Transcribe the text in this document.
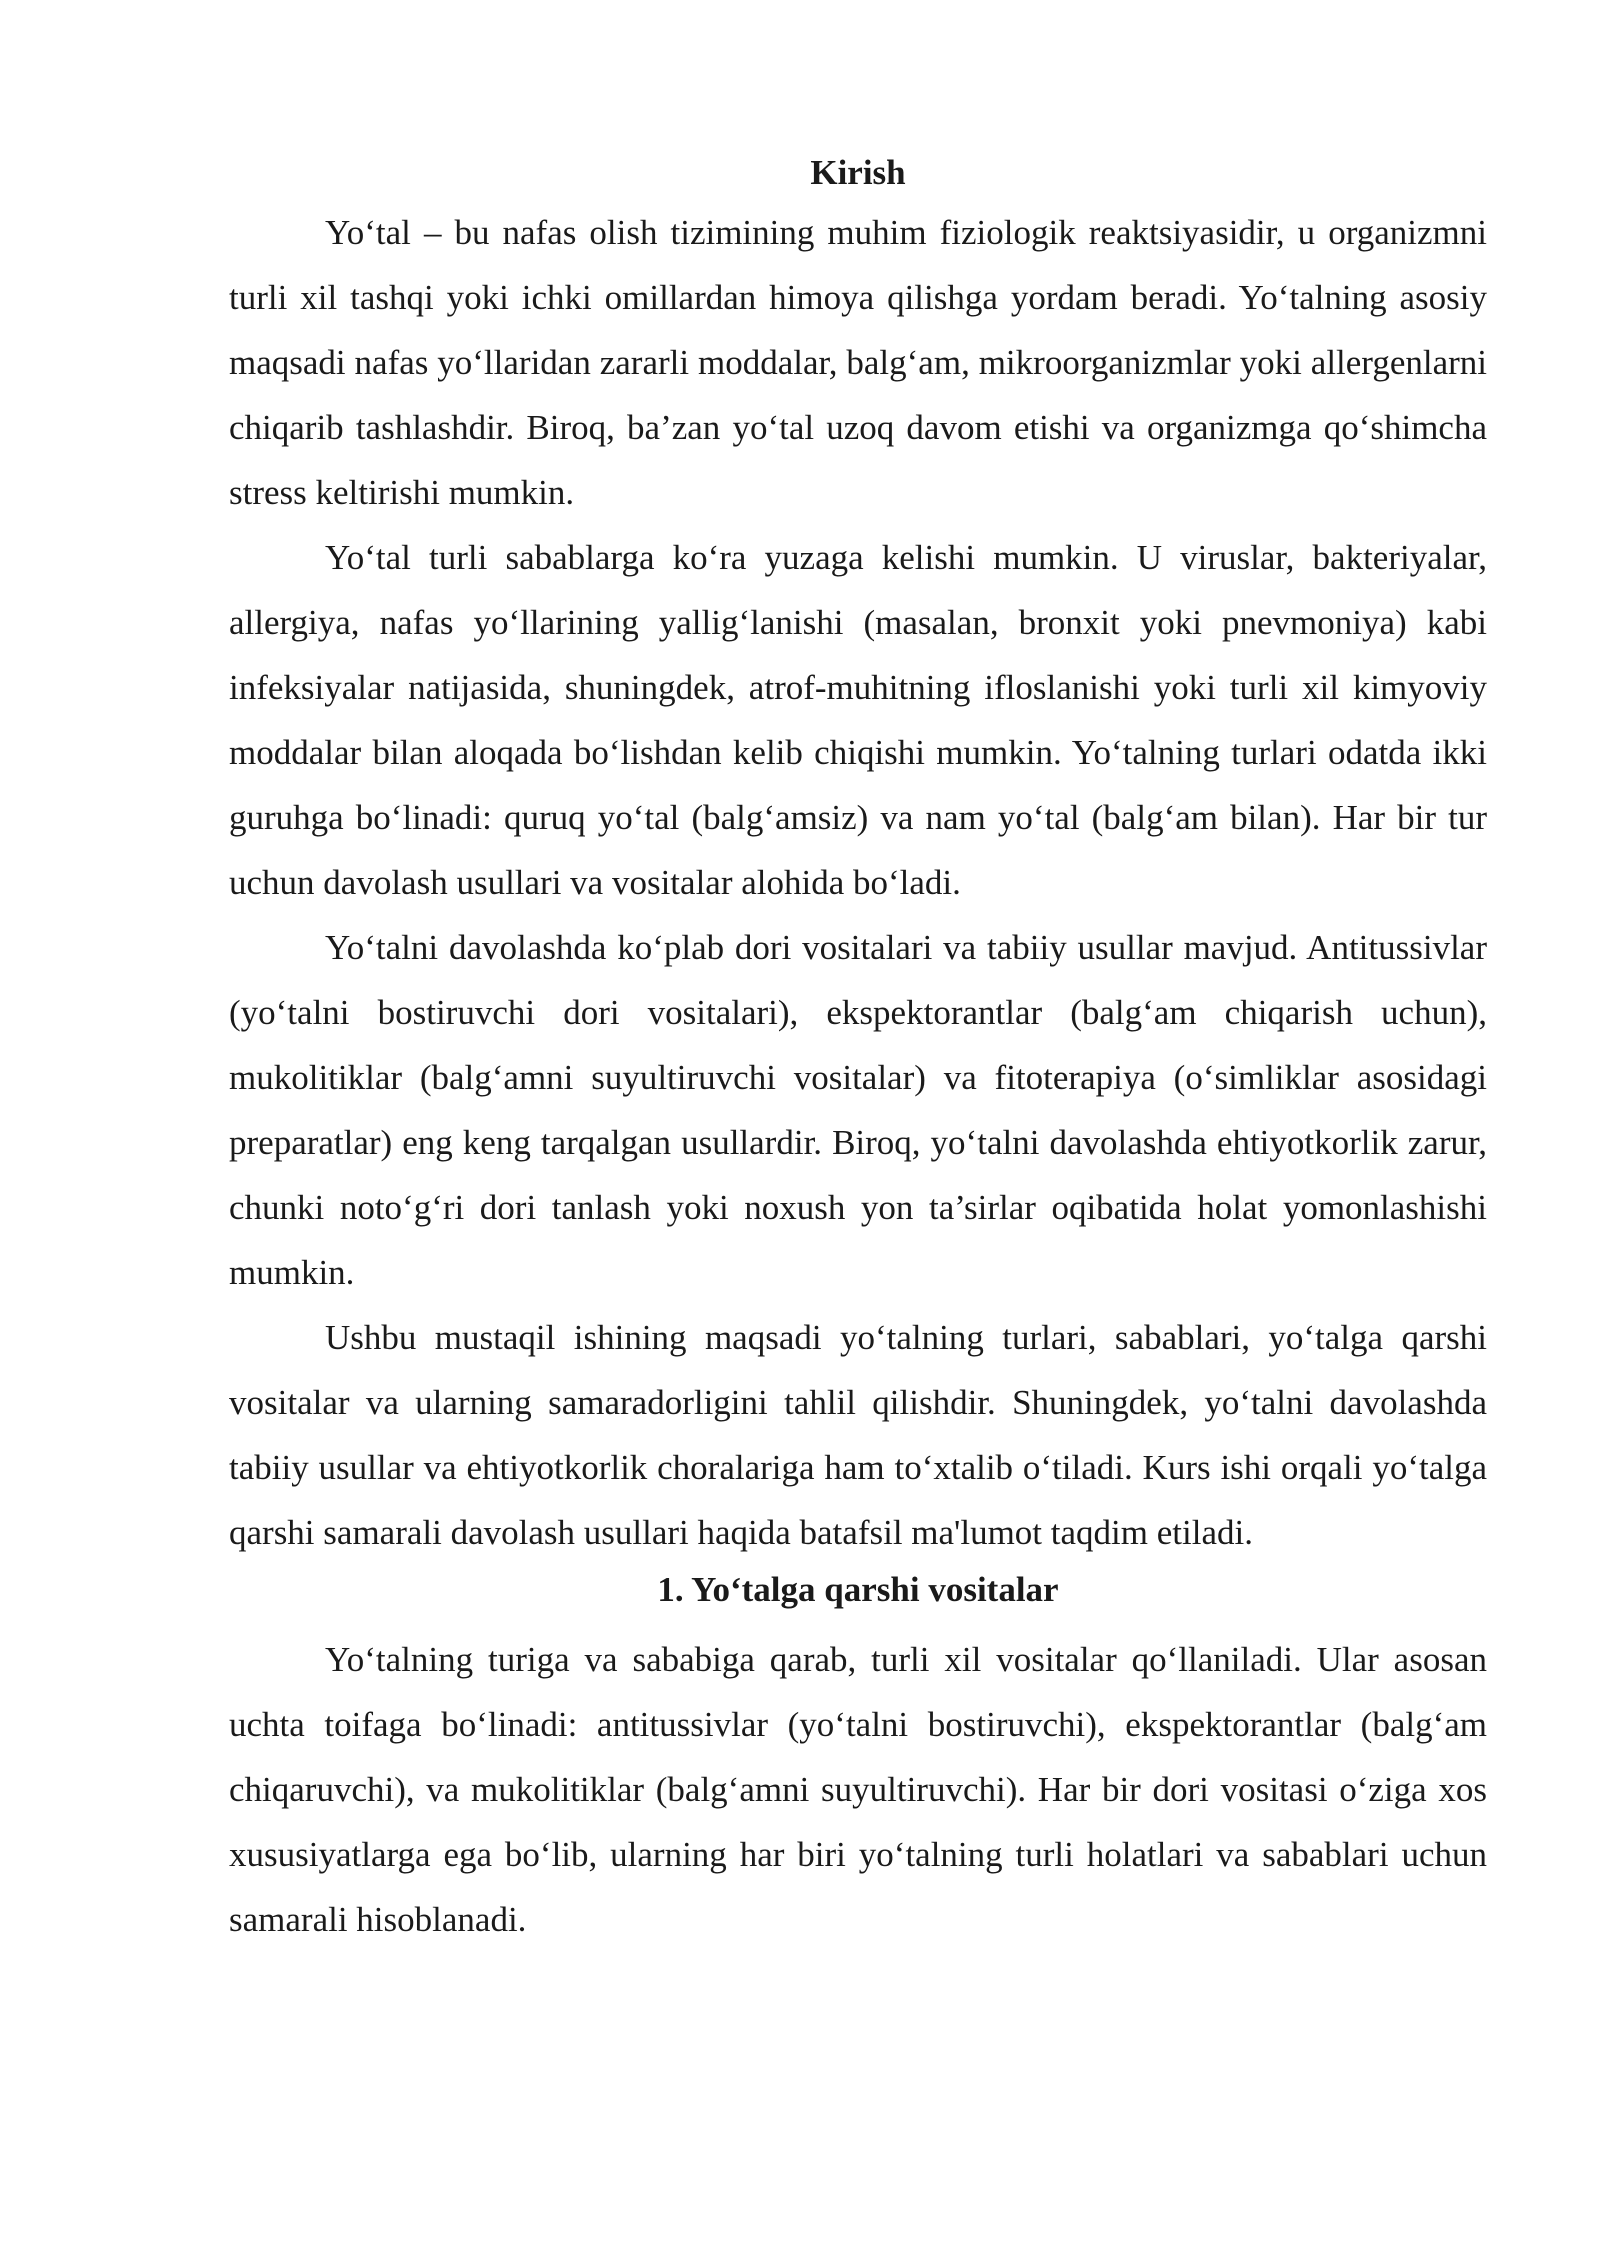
Kirish

Yo‘tal – bu nafas olish tizimining muhim fiziologik reaktsiyasidir, u organizmni turli xil tashqi yoki ichki omillardan himoya qilishga yordam beradi. Yo‘talning asosiy maqsadi nafas yo‘llaridan zararli moddalar, balg‘am, mikroorganizmlar yoki allergenlarni chiqarib tashlashdir. Biroq, ba’zan yo‘tal uzoq davom etishi va organizmga qo‘shimcha stress keltirishi mumkin.

Yo‘tal turli sabablarga ko‘ra yuzaga kelishi mumkin. U viruslar, bakteriyalar, allergiya, nafas yo‘llarining yallig‘lanishi (masalan, bronxit yoki pnevmoniya) kabi infeksiyalar natijasida, shuningdek, atrof-muhitning ifloslanishi yoki turli xil kimyoviy moddalar bilan aloqada bo‘lishdan kelib chiqishi mumkin. Yo‘talning turlari odatda ikki guruhga bo‘linadi: quruq yo‘tal (balg‘amsiz) va nam yo‘tal (balg‘am bilan). Har bir tur uchun davolash usullari va vositalar alohida bo‘ladi.

Yo‘talni davolashda ko‘plab dori vositalari va tabiiy usullar mavjud. Antitussivlar (yo‘talni bostiruvchi dori vositalari), ekspektorantlar (balg‘am chiqarish uchun), mukolitiklar (balg‘amni suyultiruvchi vositalar) va fitoterapiya (o‘simliklar asosidagi preparatlar) eng keng tarqalgan usullardir. Biroq, yo‘talni davolashda ehtiyotkorlik zarur, chunki noto‘g‘ri dori tanlash yoki noxush yon ta’sirlar oqibatida holat yomonlashishi mumkin.

Ushbu mustaqil ishining maqsadi yo‘talning turlari, sabablari, yo‘talga qarshi vositalar va ularning samaradorligini tahlil qilishdir. Shuningdek, yo‘talni davolashda tabiiy usullar va ehtiyotkorlik choralariga ham to‘xtalib o‘tiladi. Kurs ishi orqali yo‘talga qarshi samarali davolash usullari haqida batafsil ma'lumot taqdim etiladi.

1. Yo‘talga qarshi vositalar

Yo‘talning turiga va sababiga qarab, turli xil vositalar qo‘llaniladi. Ular asosan uchta toifaga bo‘linadi: antitussivlar (yo‘talni bostiruvchi), ekspektorantlar (balg‘am chiqaruvchi), va mukolitiklar (balg‘amni suyultiruvchi). Har bir dori vositasi o‘ziga xos xususiyatlarga ega bo‘lib, ularning har biri yo‘talning turli holatlari va sabablari uchun samarali hisoblanadi.
